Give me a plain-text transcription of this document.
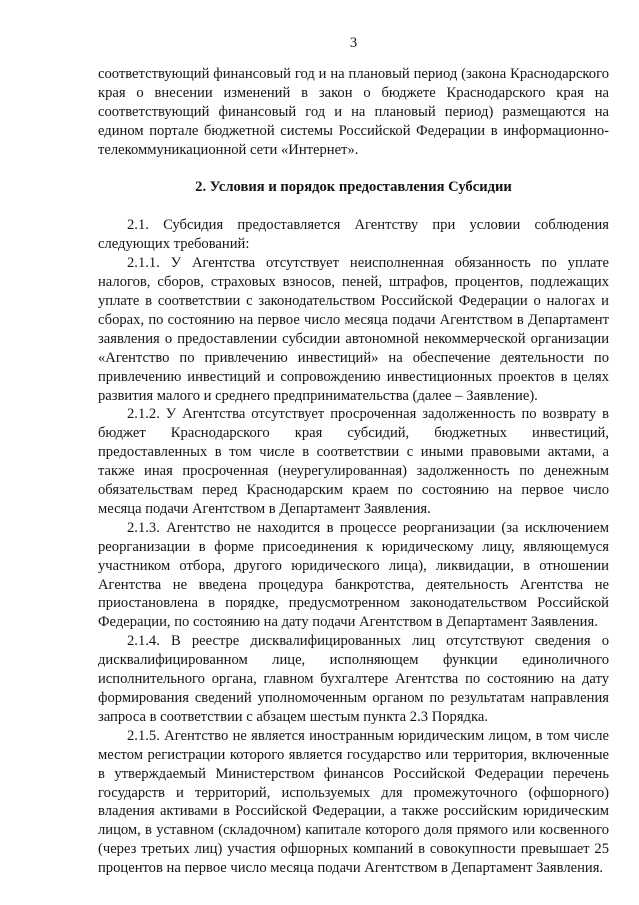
3

соответствующий финансовый год и на плановый период (закона Краснодарского края о внесении изменений в закон о бюджете Краснодарского края на соответствующий финансовый год и на плановый период) размещаются на едином портале бюджетной системы Российской Федерации в информационно-телекоммуникационной сети «Интернет».

2. Условия и порядок предоставления Субсидии

2.1. Субсидия предоставляется Агентству при условии соблюдения следующих требований:

2.1.1. У Агентства отсутствует неисполненная обязанность по уплате налогов, сборов, страховых взносов, пеней, штрафов, процентов, подлежащих уплате в соответствии с законодательством Российской Федерации о налогах и сборах, по состоянию на первое число месяца подачи Агентством в Департамент заявления о предоставлении субсидии автономной некоммерческой организации «Агентство по привлечению инвестиций» на обеспечение деятельности по привлечению инвестиций и сопровождению инвестиционных проектов в целях развития малого и среднего предпринимательства (далее – Заявление).

2.1.2. У Агентства отсутствует просроченная задолженность по возврату в бюджет Краснодарского края субсидий, бюджетных инвестиций, предоставленных в том числе в соответствии с иными правовыми актами, а также иная просроченная (неурегулированная) задолженность по денежным обязательствам перед Краснодарским краем по состоянию на первое число месяца подачи Агентством в Департамент Заявления.

2.1.3. Агентство не находится в процессе реорганизации (за исключением реорганизации в форме присоединения к юридическому лицу, являющемуся участником отбора, другого юридического лица), ликвидации, в отношении Агентства не введена процедура банкротства, деятельность Агентства не приостановлена в порядке, предусмотренном законодательством Российской Федерации, по состоянию на дату подачи Агентством в Департамент Заявления.

2.1.4. В реестре дисквалифицированных лиц отсутствуют сведения о дисквалифицированном лице, исполняющем функции единоличного исполнительного органа, главном бухгалтере Агентства по состоянию на дату формирования сведений уполномоченным органом по результатам направления запроса в соответствии с абзацем шестым пункта 2.3 Порядка.

2.1.5. Агентство не является иностранным юридическим лицом, в том числе местом регистрации которого является государство или территория, включенные в утверждаемый Министерством финансов Российской Федерации перечень государств и территорий, используемых для промежуточного (офшорного) владения активами в Российской Федерации, а также российским юридическим лицом, в уставном (складочном) капитале которого доля прямого или косвенного (через третьих лиц) участия офшорных компаний в совокупности превышает 25 процентов на первое число месяца подачи Агентством в Департамент Заявления.
